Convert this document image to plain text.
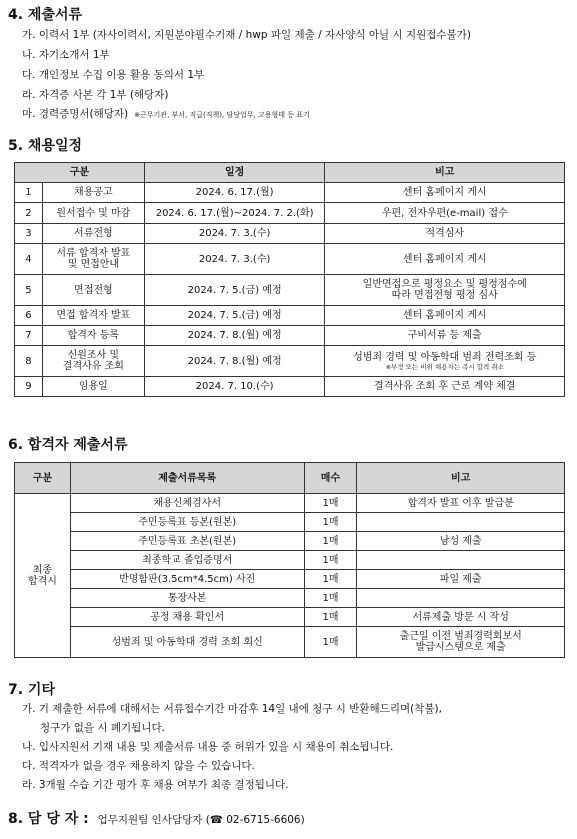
4. 제출서류
가. 이력서 1부 (자사이력서, 지원분야필수기재 / hwp 파일 제출 / 자사양식 아닐 시 지원접수불가)
나. 자기소개서 1부
다. 개인정보 수집 이용 활용 동의서 1부
라. 자격증 사본 각 1부 (해당자)
마. 경력증명서(해당자) ※근무기관, 부서, 직급(직책), 담당업무, 고용형태 등 표기
5. 채용일정
구분		일정	비고
1	채용공고	2024. 6. 17.(월)	센터 홈페이지 게시
2	원서접수 및 마감	2024. 6. 17.(월)~2024. 7. 2.(화)	우편, 전자우편(e-mail) 접수
3	서류전형	2024. 7. 3.(수)	적격심사
4	서류 합격자 발표
및 면접안내	2024. 7. 3.(수)	센터 홈페이지 게시
5	면접전형	2024. 7. 5.(금) 예정	일반면접으로 평정요소 및 평정점수에
따라 면접전형 평정 심사
6	면접 합격자 발표	2024. 7. 5.(금) 예정	센터 홈페이지 게시
7	합격자 등록	2024. 7. 8.(월) 예정	구비서류 등 제출
8	신원조사 및
결격사유 조회	2024. 7. 8.(월) 예정	성범죄 경력 및 아동학대 범죄 전력조회 등
※부정 또는 비위 채용자는 즉시 합격 취소

9	임용일	2024. 7. 10.(수)	결격사유 조회 후 근로 계약 체결
6. 합격자 제출서류
구분	제출서류목록	매수	비고
최종
합격시	채용신체검사서	1매	합격자 발표 이후 발급분
	주민등록표 등본(원본)	1매	
	주민등록표 초본(원본)	1매	남성 제출
	최종학교 졸업증명서	1매	
	반명함판(3.5cm*4.5cm) 사진	1매	파일 제출
	통장사본	1매	
	공정 채용 확인서	1매	서류제출 방문 시 작성
	성범죄 및 아동학대 경력 조회 회신	1매	출근일 이전 범죄경력회보서
발급시스템으로 제출
7. 기타
가. 기 제출한 서류에 대해서는 서류접수기간 마감후 14일 내에 청구 시 반환해드리며(착불),
청구가 없을 시 폐기됩니다.
나. 입사지원서 기재 내용 및 제출서류 내용 중 허위가 있을 시 채용이 취소됩니다.
다. 적격자가 없을 경우 채용하지 않을 수 있습니다.
라. 3개월 수습 기간 평가 후 채용 여부가 최종 결정됩니다.
8. 담 당 자 : 업무지원팀 인사담당자 (☎ 02-6715-6606)
